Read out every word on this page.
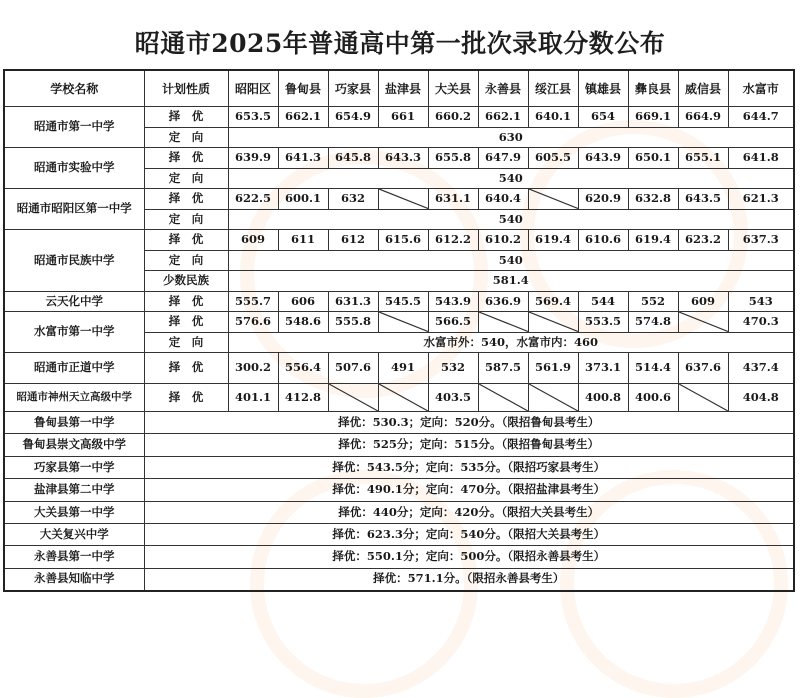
昭通市2025年普通高中第一批次录取分数公布
学校名称	计划性质	昭阳区	鲁甸县	巧家县	盐津县	大关县	永善县	绥江县	镇雄县	彝良县	威信县	水富市
昭通市第一中学	择　优	653.5	662.1	654.9	661	660.2	662.1	640.1	654	669.1	664.9	644.7
	定　向	630										
昭通市实验中学	择　优	639.9	641.3	645.8	643.3	655.8	647.9	605.5	643.9	650.1	655.1	641.8
	定　向	540										
昭通市昭阳区第一中学	择　优	622.5	600.1	632		631.1	640.4		620.9	632.8	643.5	621.3
	定　向	540										
昭通市民族中学	择　优	609	611	612	615.6	612.2	610.2	619.4	610.6	619.4	623.2	637.3
	定　向	540										
	少数民族	581.4										
云天化中学	择　优	555.7	606	631.3	545.5	543.9	636.9	569.4	544	552	609	543
水富市第一中学	择　优	576.6	548.6	555.8		566.5			553.5	574.8		470.3
	定　向	水富市外：540，水富市内：460										
昭通市正道中学	择　优	300.2	556.4	507.6	491	532	587.5	561.9	373.1	514.4	637.6	437.4
昭通市神州天立高级中学	择　优	401.1	412.8			403.5			400.8	400.6		404.8
鲁甸县第一中学	择优：530.3；定向：520分。（限招鲁甸县考生）											
鲁甸县崇文高级中学	择优：525分；定向：515分。（限招鲁甸县考生）											
巧家县第一中学	择优：543.5分；定向：535分。（限招巧家县考生）											
盐津县第二中学	择优：490.1分；定向：470分。（限招盐津县考生）											
大关县第一中学	择优：440分；定向：420分。（限招大关县考生）											
大关复兴中学	择优：623.3分；定向：540分。（限招大关县考生）											
永善县第一中学	择优：550.1分；定向：500分。（限招永善县考生）											
永善县知临中学	择优：571.1分。（限招永善县考生）											
